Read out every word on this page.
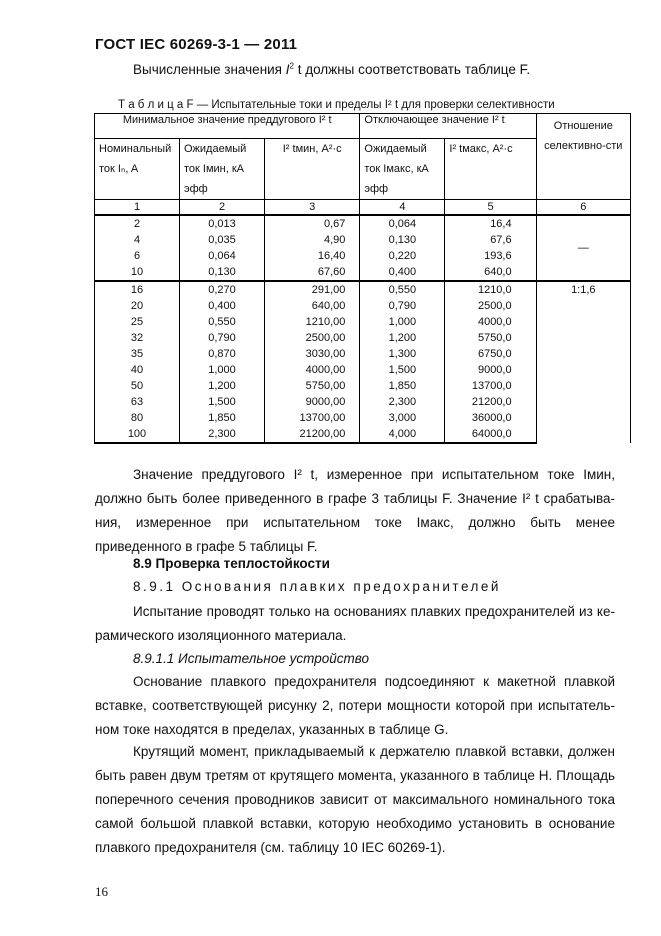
ГОСТ IEC 60269-3-1 — 2011
Вычисленные значения $I^2$ t должны соответствовать таблице F.
Т а б л и ц а F — Испытательные токи и пределы I² t для проверки селективности
Минимальное значение преддугового I² t			Отключающее значение I² t		Отношение селективно-сти
Номинальный ток Iₙ, A	Ожидаемый ток Iмин, кА эфф	I² tмин, A²·с	Ожидаемый ток Iмакс, кА эфф	I² tмакс, A²·с	
1	2	3	4	5	6
2	0,013	0,67	0,064	16,4	—
4	0,035	4,90	0,130	67,6	
6	0,064	16,40	0,220	193,6	
10	0,130	67,60	0,400	640,0	
16	0,270	291,00	0,550	1210,0	1:1,6
20	0,400	640,00	0,790	2500,0	
25	0,550	1210,00	1,000	4000,0	
32	0,790	2500,00	1,200	5750,0	
35	0,870	3030,00	1,300	6750,0	
40	1,000	4000,00	1,500	9000,0	
50	1,200	5750,00	1,850	13700,0	
63	1,500	9000,00	2,300	21200,0	
80	1,850	13700,00	3,000	36000,0	
100	2,300	21200,00	4,000	64000,0	
Значение преддугового I² t, измеренное при испытательном токе Iмин, должно быть более приведенного в графе 3 таблицы F. Значение I² t срабатыва-ния, измеренное при испытательном токе Iмакс, должно быть менее приведенного в графе 5 таблицы F.
8.9 Проверка теплостойкости
8.9.1 Основания плавких предохранителей
Испытание проводят только на основаниях плавких предохранителей из ке-рамического изоляционного материала.
8.9.1.1 Испытательное устройство
Основание плавкого предохранителя подсоединяют к макетной плавкой вставке, соответствующей рисунку 2, потери мощности которой при испытатель-ном токе находятся в пределах, указанных в таблице G.
Крутящий момент, прикладываемый к держателю плавкой вставки, должен быть равен двум третям от крутящего момента, указанного в таблице H. Площадь поперечного сечения проводников зависит от максимального номинального тока самой большой плавкой вставки, которую необходимо установить в основание плавкого предохранителя (см. таблицу 10 IEC 60269-1).
16
